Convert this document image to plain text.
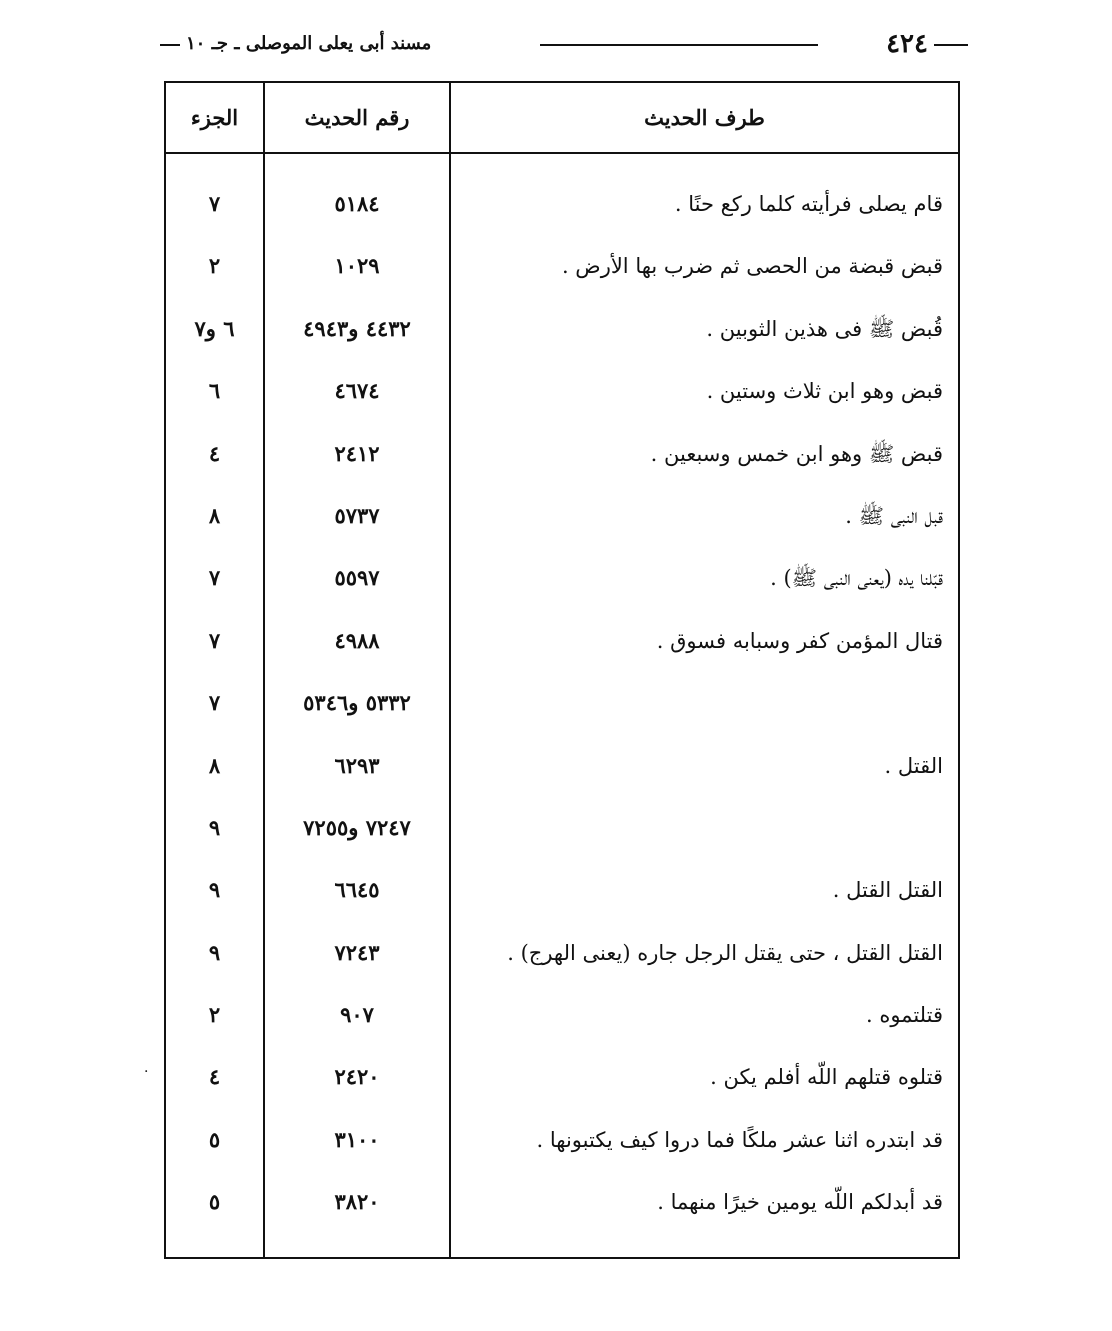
٤٢٤
مسند أبى يعلى الموصلى ـ جـ ١٠
الجزء	رقم الحديث	طرف الحديث
٧	٥١٨٤	قام يصلى فرأيته كلما ركع حنًا .
٢	١٠٢٩	قبض قبضة من الحصى ثم ضرب بها الأرض .
٦ و٧	٤٤٣٢ و٤٩٤٣	قُبض ﷺ فى هذين الثوبين .
٦	٤٦٧٤	قبض وهو ابن ثلاث وستين .
٤	٢٤١٢	قبض ﷺ وهو ابن خمس وسبعين .
٨	٥٧٣٧	قبل النبى ﷺ .
٧	٥٥٩٧	قبّلنا يده (يعنى النبى ﷺ) .
٧	٤٩٨٨	قتال المؤمن كفر وسبابه فسوق .
٧	٥٣٣٢ و٥٣٤٦
٨	٦٢٩٣	القتل .
٩	٧٢٤٧ و٧٢٥٥
٩	٦٦٤٥	القتل القتل .
٩	٧٢٤٣	القتل القتل ، حتى يقتل الرجل جاره (يعنى الهرج) .
٢	٩٠٧	قتلتموه .
٤	٢٤٢٠	قتلوه قتلهم اللّه أفلم يكن .
٥	٣١٠٠	قد ابتدره اثنا عشر ملكًا فما دروا كيف يكتبونها .
٥	٣٨٢٠	قد أبدلكم اللّه يومين خيرًا منهما .
·
